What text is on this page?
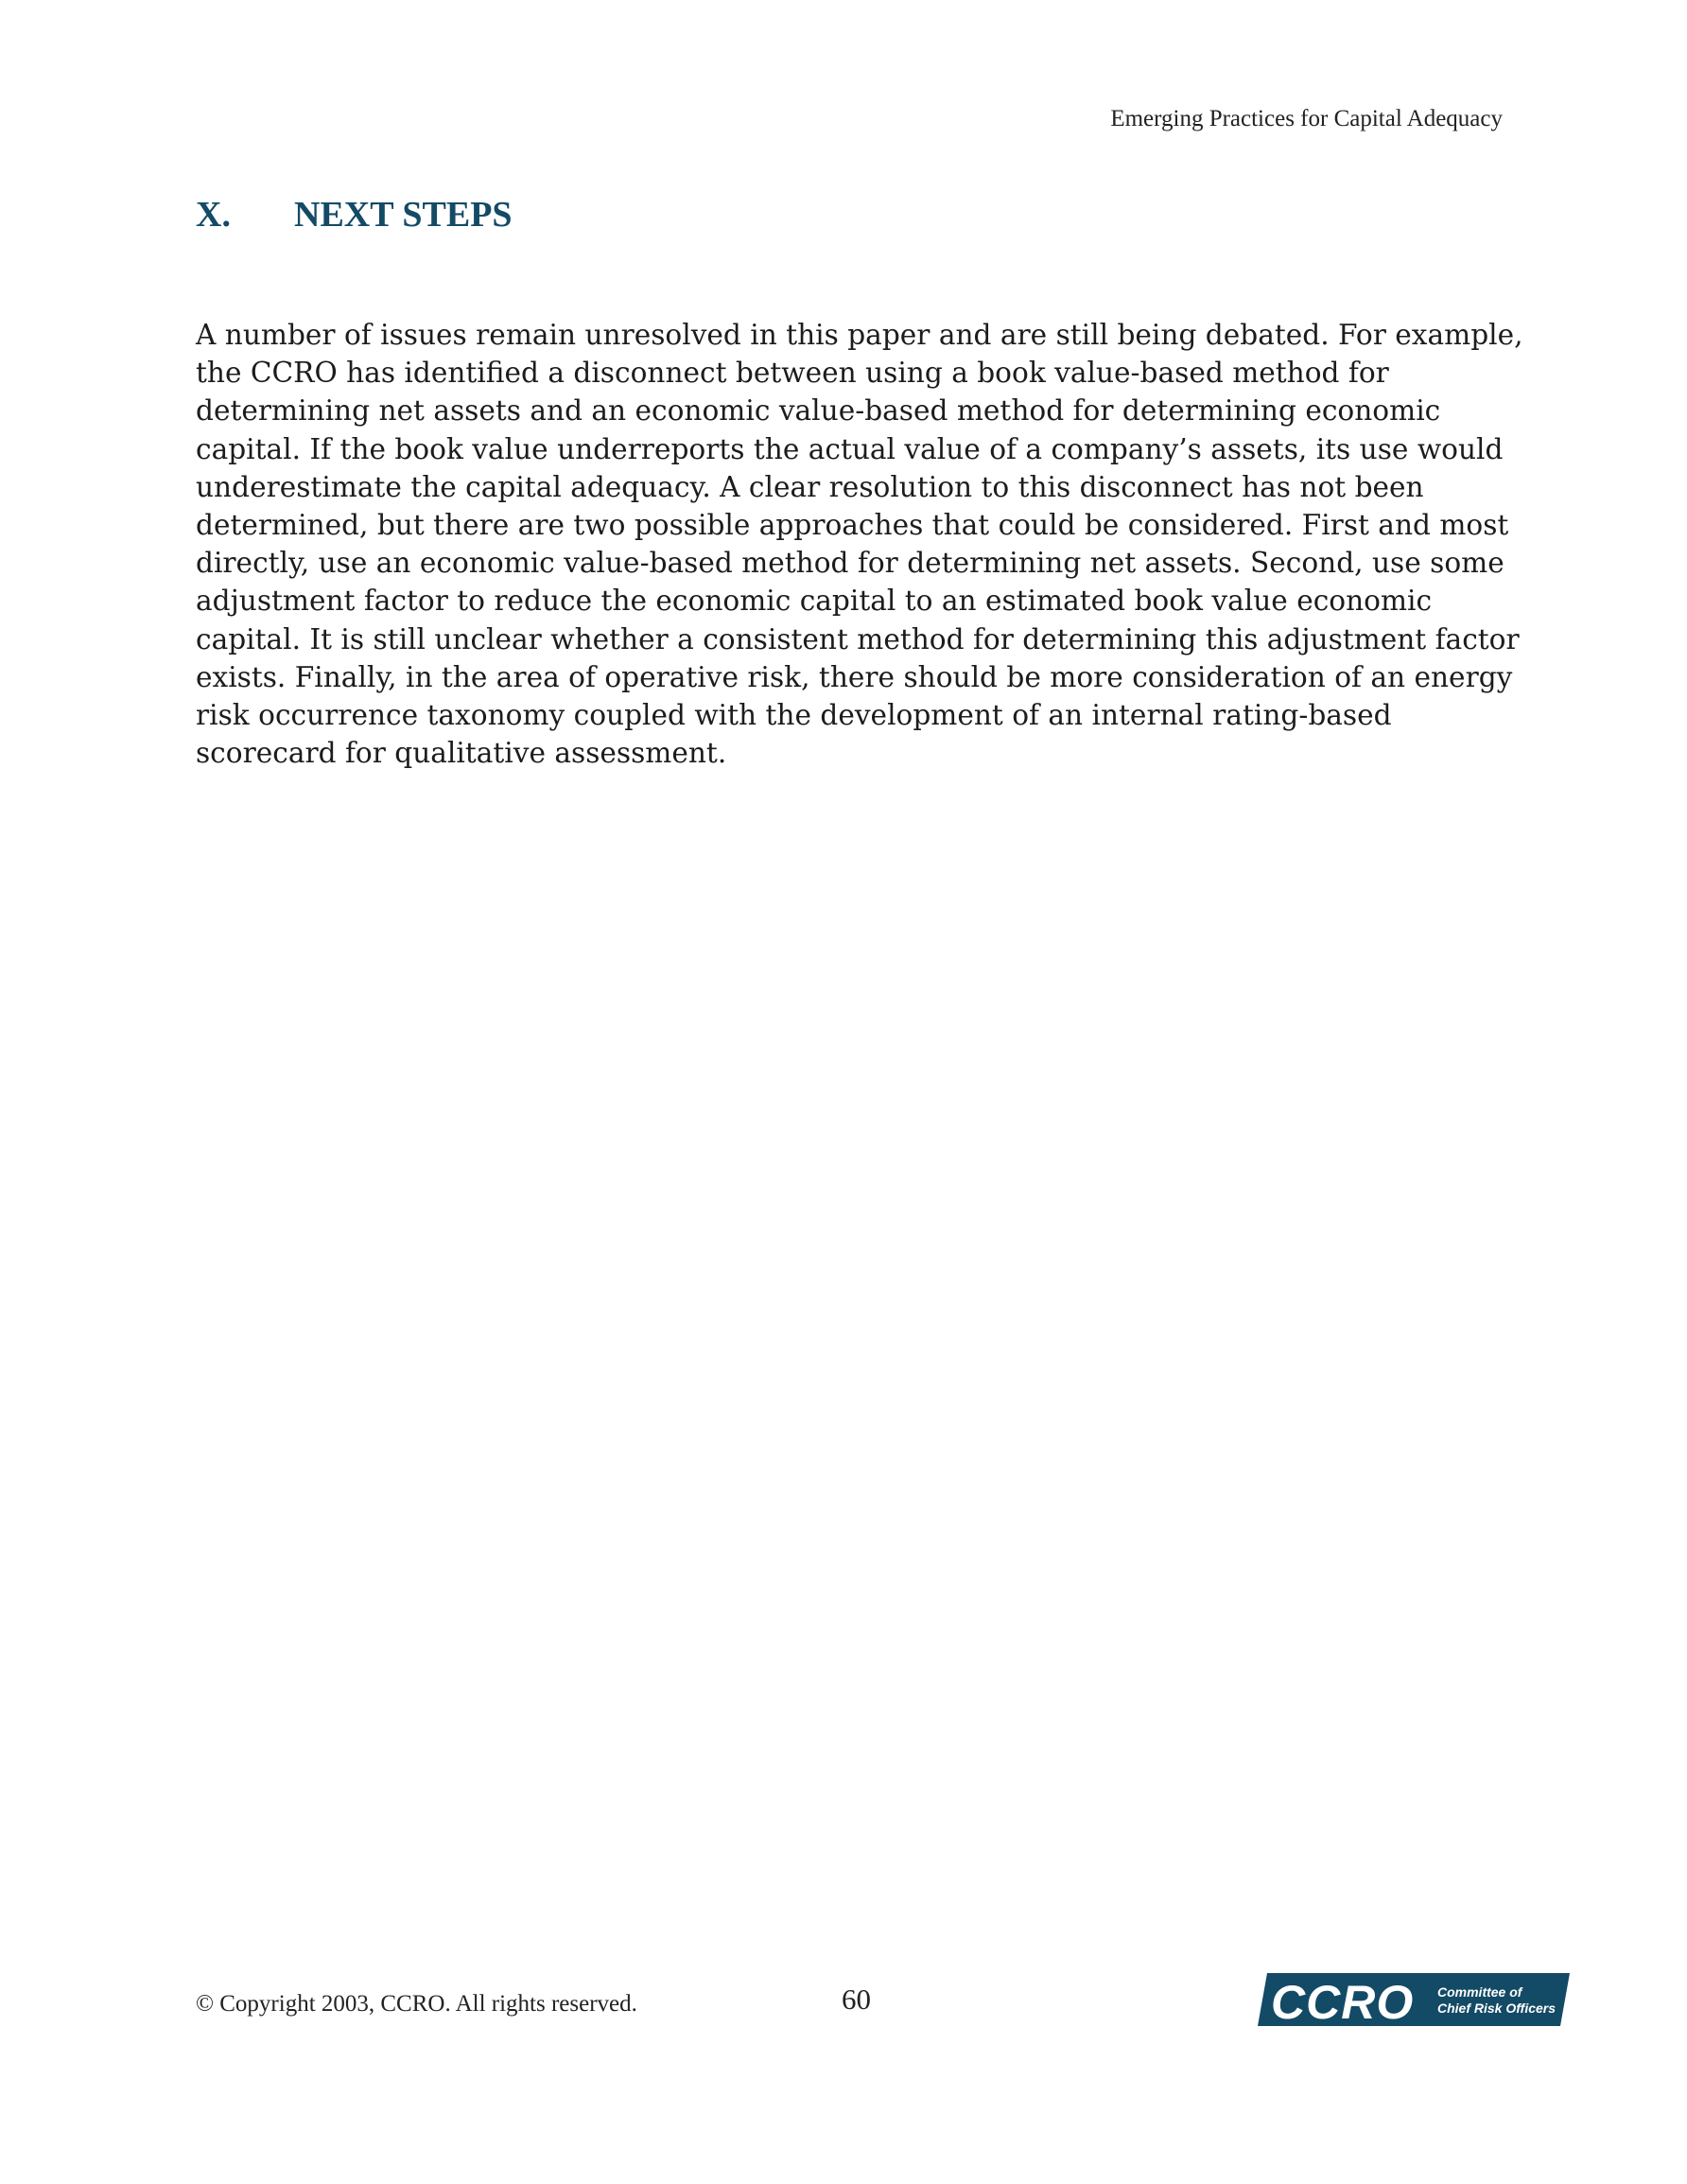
Emerging Practices for Capital Adequacy
X.	NEXT STEPS

A number of issues remain unresolved in this paper and are still being debated. For example, the CCRO has identified a disconnect between using a book value-based method for determining net assets and an economic value-based method for determining economic capital. If the book value underreports the actual value of a company’s assets, its use would underestimate the capital adequacy. A clear resolution to this disconnect has not been determined, but there are two possible approaches that could be considered. First and most directly, use an economic value-based method for determining net assets. Second, use some adjustment factor to reduce the economic capital to an estimated book value economic capital. It is still unclear whether a consistent method for determining this adjustment factor exists. Finally, in the area of operative risk, there should be more consideration of an energy risk occurrence taxonomy coupled with the development of an internal rating-based scorecard for qualitative assessment.

© Copyright 2003, CCRO. All rights reserved.	60	CCRO Committee of
Chief Risk Officers
